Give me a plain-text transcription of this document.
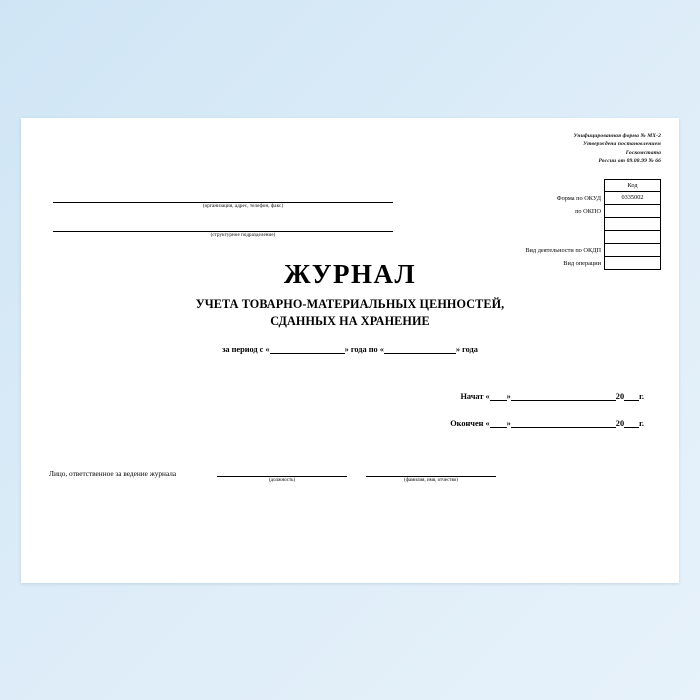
Унифицированная форма № МХ-2
Утверждена постановлением
Госкомстата
России от 09.08.99 № 66
Код
Форма по ОКУД	0335002
по ОКПО
Вид деятельности по ОКДП
Вид операции
(организация, адрес, телефон, факс)
(структурное подразделение)
ЖУРНАЛ
УЧЕТА ТОВАРНО-МАТЕРИАЛЬНЫХ ЦЕННОСТЕЙ,
СДАННЫХ НА ХРАНЕНИЕ
за период с «	» года по «	» года
Начат « »	20 г.
Окончен « »	20 г.
Лицо, ответственное за ведение журнала
(должность)	(фамилия, имя, отчество)
